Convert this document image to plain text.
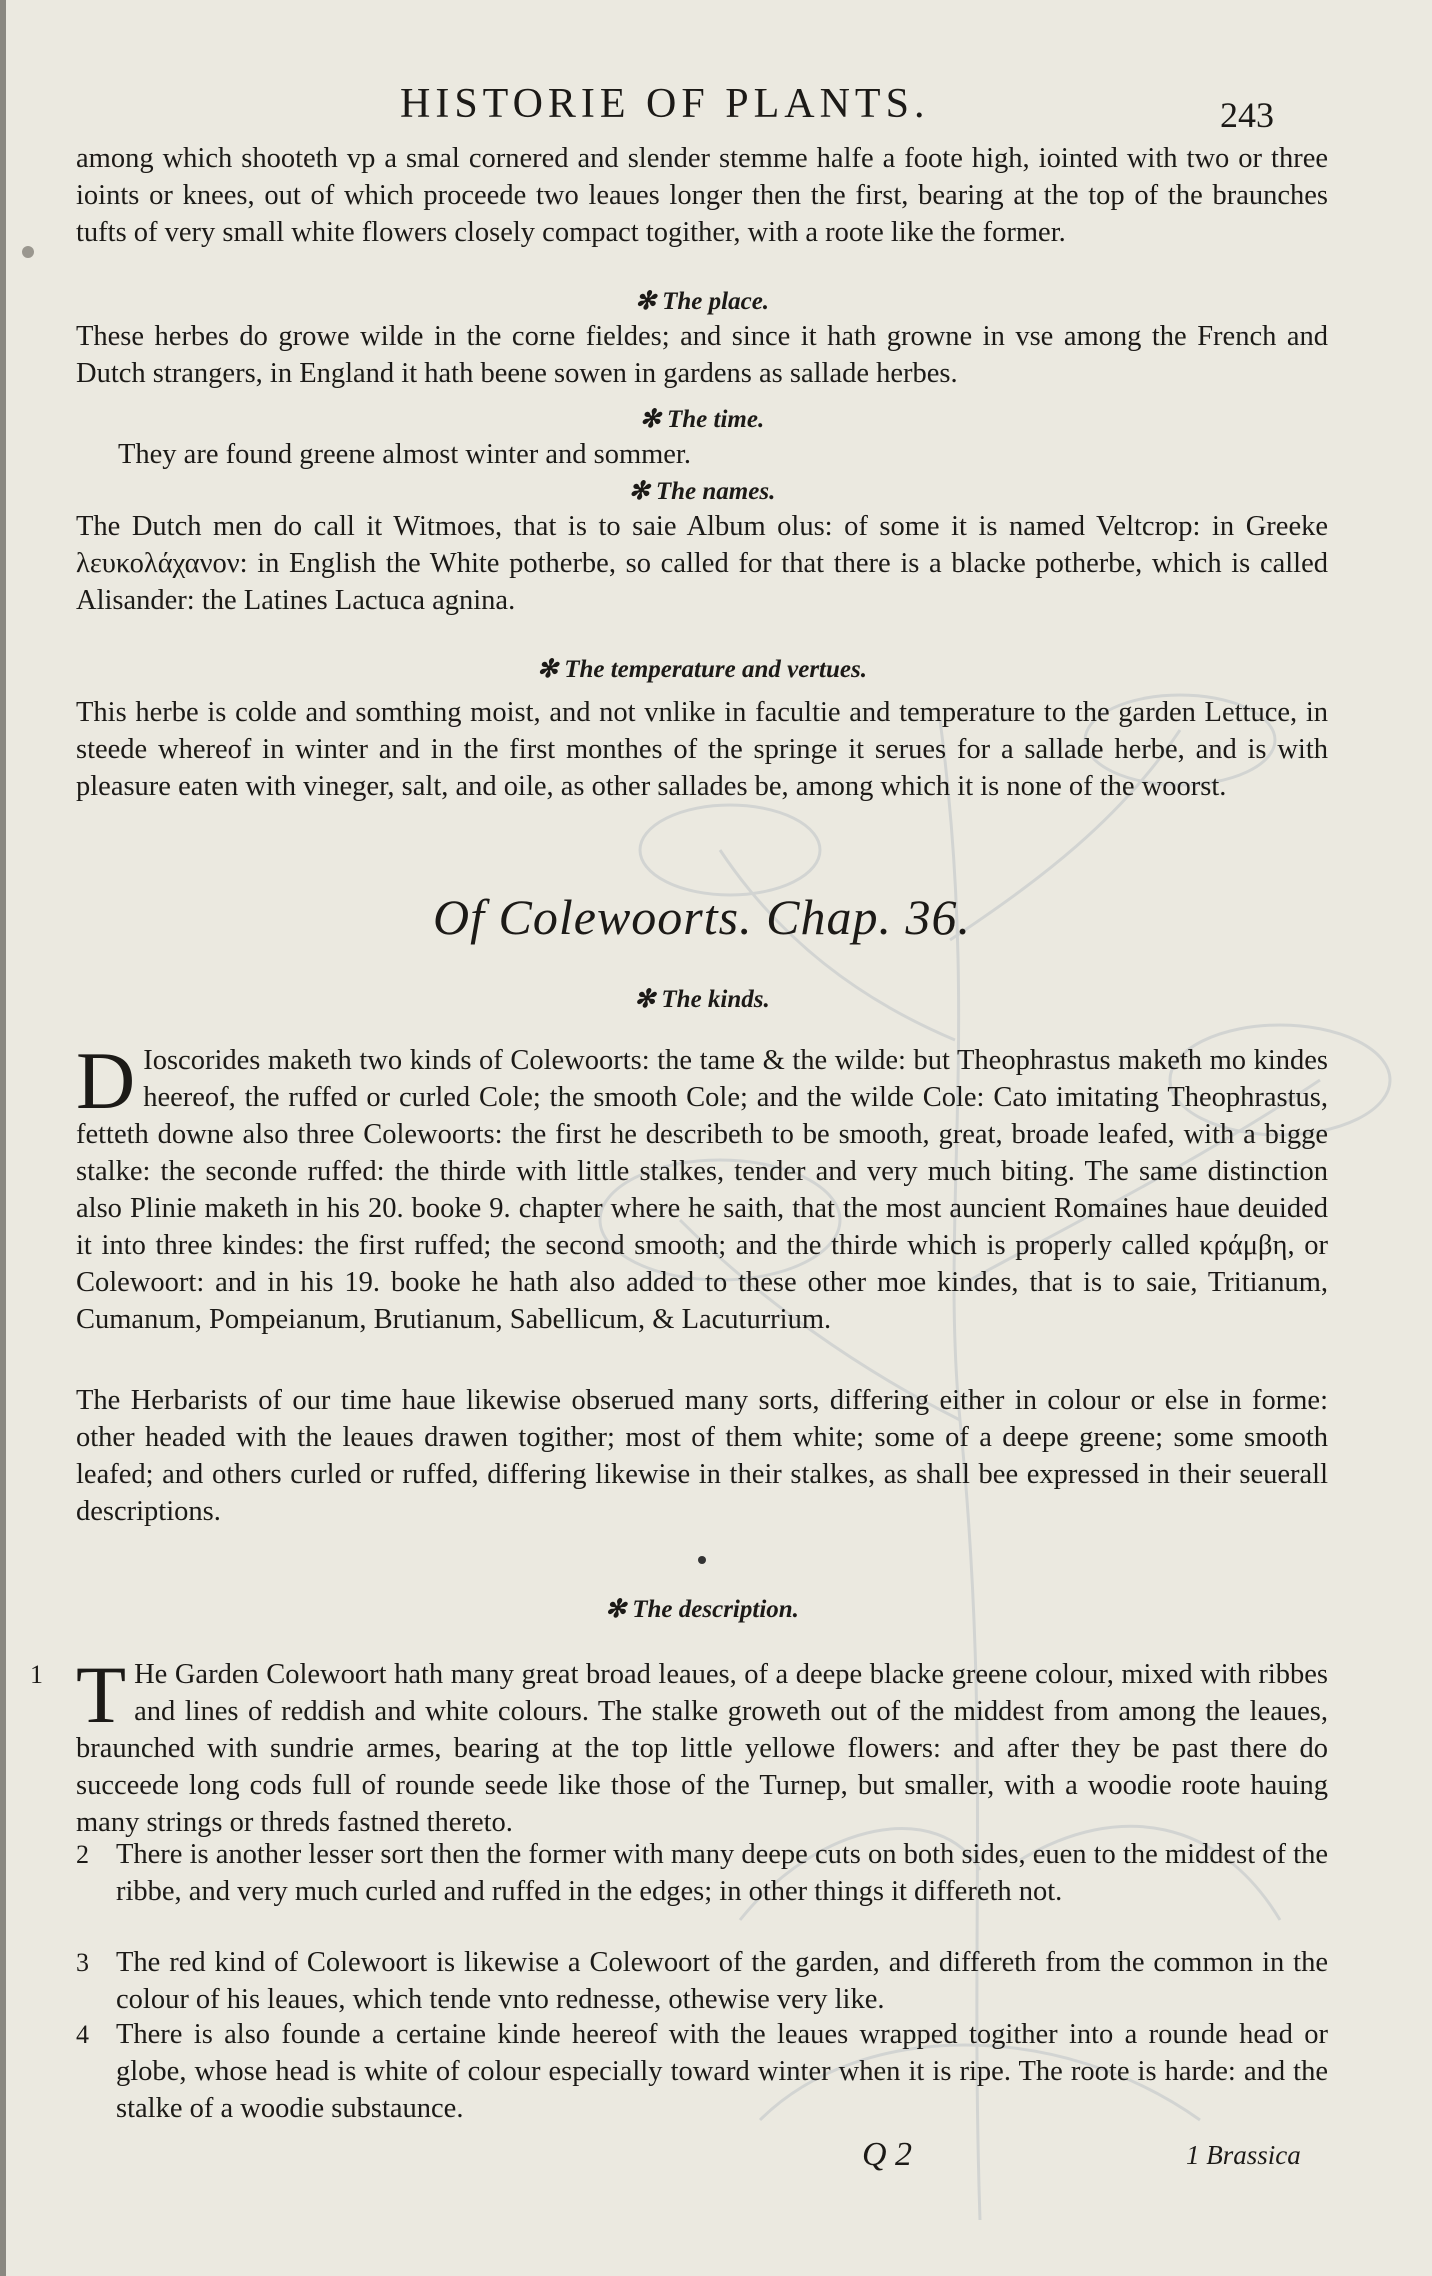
HISTORIE OF PLANTS.	243
among which shooteth vp a smal cornered and slender stemme halfe a foote high, iointed with two or three ioints or knees, out of which proceede two leaues longer then the first, bearing at the top of the braunches tufts of very small white flowers closely compact togither, with a roote like the former.
✻ The place.
These herbes do growe wilde in the corne fieldes; and since it hath growne in vse among the French and Dutch strangers, in England it hath beene sowen in gardens as sallade herbes.
✻ The time.
They are found greene almost winter and sommer.
✻ The names.
The Dutch men do call it Witmoes, that is to saie Album olus: of some it is named Veltcrop: in Greeke λευκολάχανον: in English the White potherbe, so called for that there is a blacke potherbe, which is called Alisander: the Latines Lactuca agnina.
✻ The temperature and vertues.
This herbe is colde and somthing moist, and not vnlike in facultie and temperature to the garden Lettuce, in steede whereof in winter and in the first monthes of the springe it serues for a sallade herbe, and is with pleasure eaten with vineger, salt, and oile, as other sallades be, among which it is none of the woorst.
Of Colewoorts. Chap. 36.
✻ The kinds.
D Ioscorides maketh two kinds of Colewoorts: the tame & the wilde: but Theophrastus maketh mo kindes heereof, the ruffed or curled Cole; the smooth Cole; and the wilde Cole: Cato imitating Theophrastus, fetteth downe also three Colewoorts: the first he describeth to be smooth, great, broade leafed, with a bigge stalke: the seconde ruffed: the thirde with little stalkes, tender and very much biting. The same distinction also Plinie maketh in his 20. booke 9. chapter where he saith, that the most auncient Romaines haue deuided it into three kindes: the first ruffed; the second smooth; and the thirde which is properly called κράμβη, or Colewoort: and in his 19. booke he hath also added to these other moe kindes, that is to saie, Tritianum, Cumanum, Pompeianum, Brutianum, Sabellicum, & Lacuturrium.
The Herbarists of our time haue likewise obserued many sorts, differing either in colour or else in forme: other headed with the leaues drawen togither; most of them white; some of a deepe greene; some smooth leafed; and others curled or ruffed, differing likewise in their stalkes, as shall bee expressed in their seuerall descriptions.
✻ The description.
1 T He Garden Colewoort hath many great broad leaues, of a deepe blacke greene colour, mixed with ribbes and lines of reddish and white colours. The stalke groweth out of the middest from among the leaues, braunched with sundrie armes, bearing at the top little yellowe flowers: and after they be past there do succeede long cods full of rounde seede like those of the Turnep, but smaller, with a woodie roote hauing many strings or threds fastned thereto.
2 There is another lesser sort then the former with many deepe cuts on both sides, euen to the middest of the ribbe, and very much curled and ruffed in the edges; in other things it differeth not.
3 The red kind of Colewoort is likewise a Colewoort of the garden, and differeth from the common in the colour of his leaues, which tende vnto rednesse, othewise very like.
4 There is also founde a certaine kinde heereof with the leaues wrapped togither into a rounde head or globe, whose head is white of colour especially toward winter when it is ripe. The roote is harde: and the stalke of a woodie substaunce.
Q 2	1 Brassica
